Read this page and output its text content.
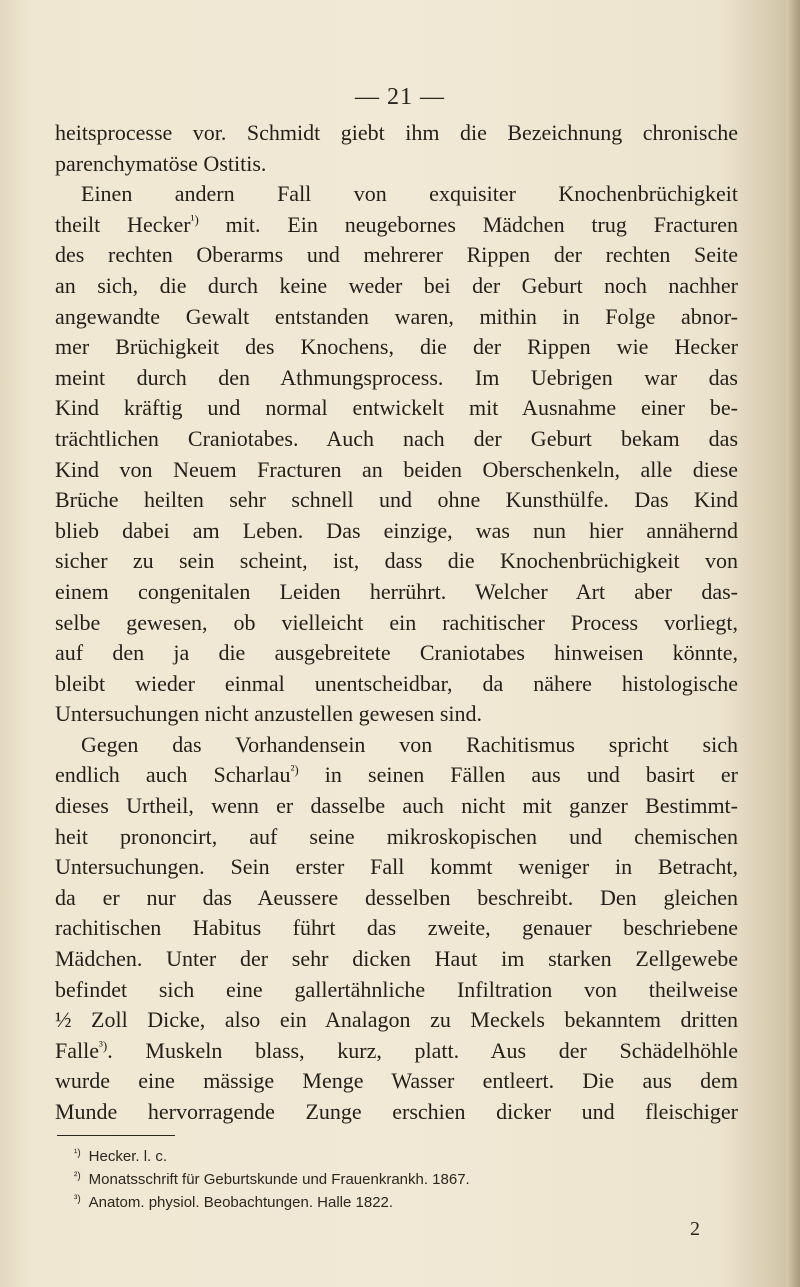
— 21 —

heitsprocesse vor. Schmidt giebt ihm die Bezeichnung chronische

parenchymatöse Ostitis.

Einen andern Fall von exquisiter Knochenbrüchigkeit

theilt Hecker$^{^1)}$ mit. Ein neugebornes Mädchen trug Fracturen

des rechten Oberarms und mehrerer Rippen der rechten Seite

an sich, die durch keine weder bei der Geburt noch nachher

angewandte Gewalt entstanden waren, mithin in Folge abnor-

mer Brüchigkeit des Knochens, die der Rippen wie Hecker

meint durch den Athmungsprocess. Im Uebrigen war das

Kind kräftig und normal entwickelt mit Ausnahme einer be-

trächtlichen Craniotabes. Auch nach der Geburt bekam das

Kind von Neuem Fracturen an beiden Oberschenkeln, alle diese

Brüche heilten sehr schnell und ohne Kunsthülfe. Das Kind

blieb dabei am Leben. Das einzige, was nun hier annähernd

sicher zu sein scheint, ist, dass die Knochenbrüchigkeit von

einem congenitalen Leiden herrührt. Welcher Art aber das-

selbe gewesen, ob vielleicht ein rachitischer Process vorliegt,

auf den ja die ausgebreitete Craniotabes hinweisen könnte,

bleibt wieder einmal unentscheidbar, da nähere histologische

Untersuchungen nicht anzustellen gewesen sind.

Gegen das Vorhandensein von Rachitismus spricht sich

endlich auch Scharlau$^{^2)}$ in seinen Fällen aus und basirt er

dieses Urtheil, wenn er dasselbe auch nicht mit ganzer Bestimmt-

heit prononcirt, auf seine mikroskopischen und chemischen

Untersuchungen. Sein erster Fall kommt weniger in Betracht,

da er nur das Aeussere desselben beschreibt. Den gleichen

rachitischen Habitus führt das zweite, genauer beschriebene

Mädchen. Unter der sehr dicken Haut im starken Zellgewebe

befindet sich eine gallertähnliche Infiltration von theilweise

½ Zoll Dicke, also ein Analagon zu Meckels bekanntem dritten

Falle$^{^3)}$. Muskeln blass, kurz, platt. Aus der Schädelhöhle

wurde eine mässige Menge Wasser entleert. Die aus dem

Munde hervorragende Zunge erschien dicker und fleischiger

$^{^1)}$ Hecker. l. c.
$^{^2)}$ Monatsschrift für Geburtskunde und Frauenkrankh. 1867.
$^{^3)}$ Anatom. physiol. Beobachtungen. Halle 1822.
2
